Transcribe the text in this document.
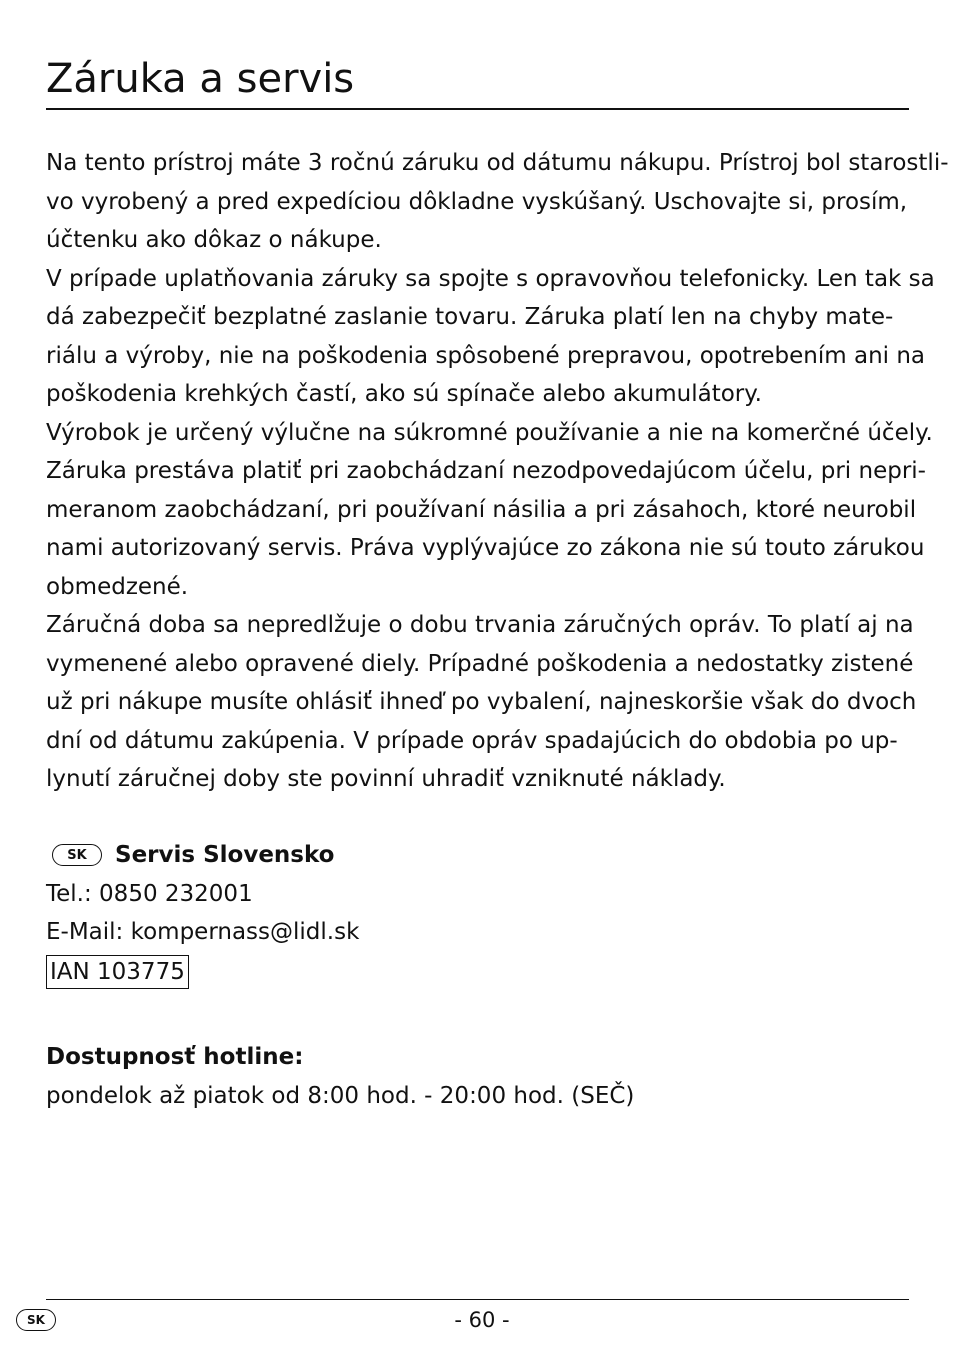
Záruka a servis
Na tento prístroj máte 3 ročnú záruku od dátumu nákupu. Prístroj bol starostli-
vo vyrobený a pred expedíciou dôkladne vyskúšaný. Uschovajte si, prosím,
účtenku ako dôkaz o nákupe.
V prípade uplatňovania záruky sa spojte s opravovňou telefonicky. Len tak sa
dá zabezpečiť bezplatné zaslanie tovaru. Záruka platí len na chyby mate-
riálu a výroby, nie na poškodenia spôsobené prepravou, opotrebením ani na
poškodenia krehkých častí, ako sú spínače alebo akumulátory.
Výrobok je určený výlučne na súkromné používanie a nie na komerčné účely.
Záruka prestáva platiť pri zaobchádzaní nezodpovedajúcom účelu, pri nepri-
meranom zaobchádzaní, pri používaní násilia a pri zásahoch, ktoré neurobil
nami autorizovaný servis. Práva vyplývajúce zo zákona nie sú touto zárukou
obmedzené.
Záručná doba sa nepredlžuje o dobu trvania záručných opráv. To platí aj na
vymenené alebo opravené diely. Prípadné poškodenia a nedostatky zistené
už pri nákupe musíte ohlásiť ihneď po vybalení, najneskoršie však do dvoch
dní od dátumu zakúpenia. V prípade opráv spadajúcich do obdobia po up-
lynutí záručnej doby ste povinní uhradiť vzniknuté náklady.
SK	Servis Slovensko
Tel.: 0850 232001
E-Mail: kompernass@lidl.sk
IAN 103775
Dostupnosť hotline:
pondelok až piatok od 8:00 hod. - 20:00 hod. (SEČ)
SK	- 60 -
